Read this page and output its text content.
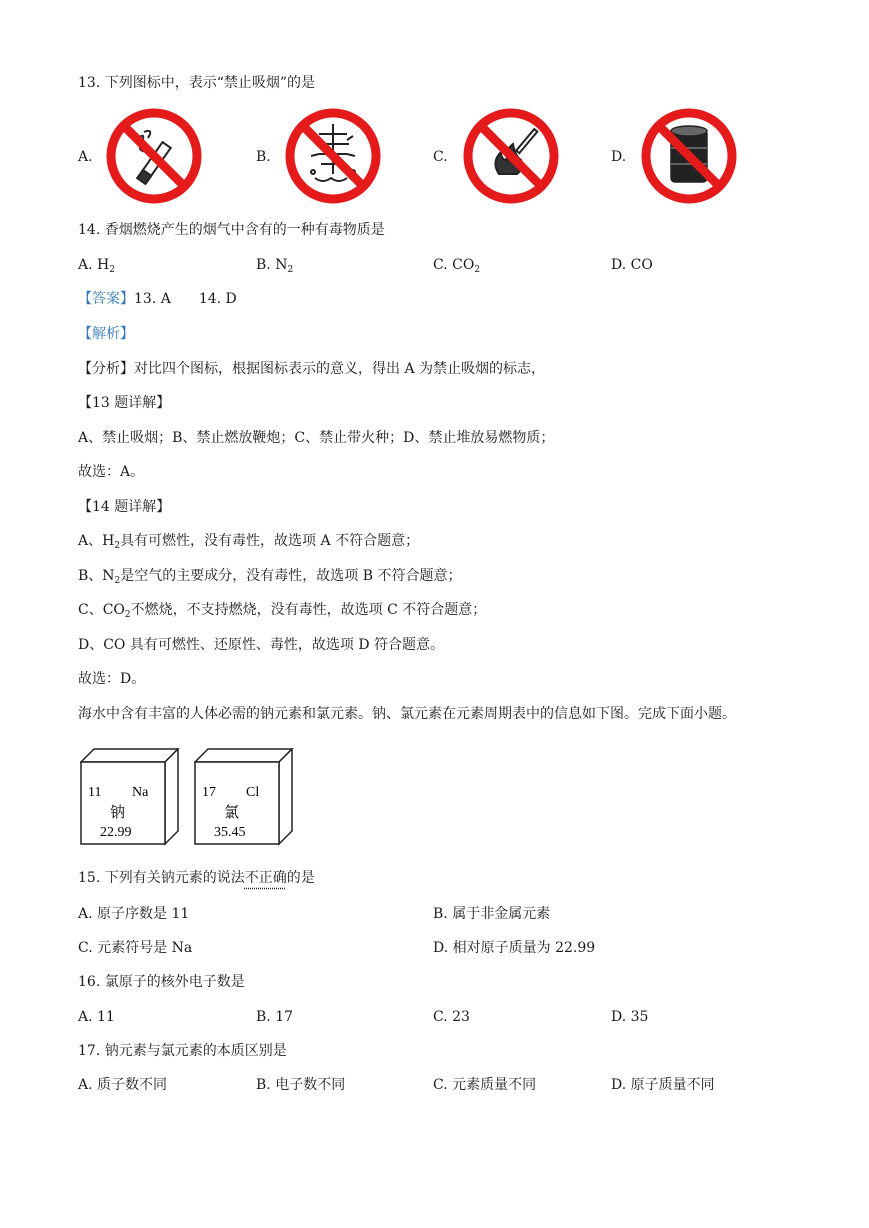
13. 下列图标中，表示“禁止吸烟”的是
A.	B.	C.	D.
14. 香烟燃烧产生的烟气中含有的一种有毒物质是
A. $H_2$	B. $N_2$	C. $CO_2$	D. CO
【答案】13. A　　14. D
【解析】
【分析】对比四个图标，根据图标表示的意义，得出 A 为禁止吸烟的标志，
【13 题详解】
A、禁止吸烟；B、禁止燃放鞭炮；C、禁止带火种；D、禁止堆放易燃物质；
故选：A。
【14 题详解】
A、$H_2$具有可燃性，没有毒性，故选项 A 不符合题意；
B、$N_2$是空气的主要成分，没有毒性，故选项 B 不符合题意；
C、$CO_2$不燃烧，不支持燃烧，没有毒性，故选项 C 不符合题意；
D、CO 具有可燃性、还原性、毒性，故选项 D 符合题意。
故选：D。
海水中含有丰富的人体必需的钠元素和氯元素。钠、氯元素在元素周期表中的信息如下图。完成下面小题。
11 Na
钠
22.99
17 Cl
氯
35.45
15. 下列有关钠元素的说法不正确的是
A. 原子序数是 11	B. 属于非金属元素
C. 元素符号是 Na	D. 相对原子质量为 22.99
16. 氯原子的核外电子数是
A. 11	B. 17	C. 23	D. 35
17. 钠元素与氯元素的本质区别是
A. 质子数不同	B. 电子数不同	C. 元素质量不同	D. 原子质量不同
